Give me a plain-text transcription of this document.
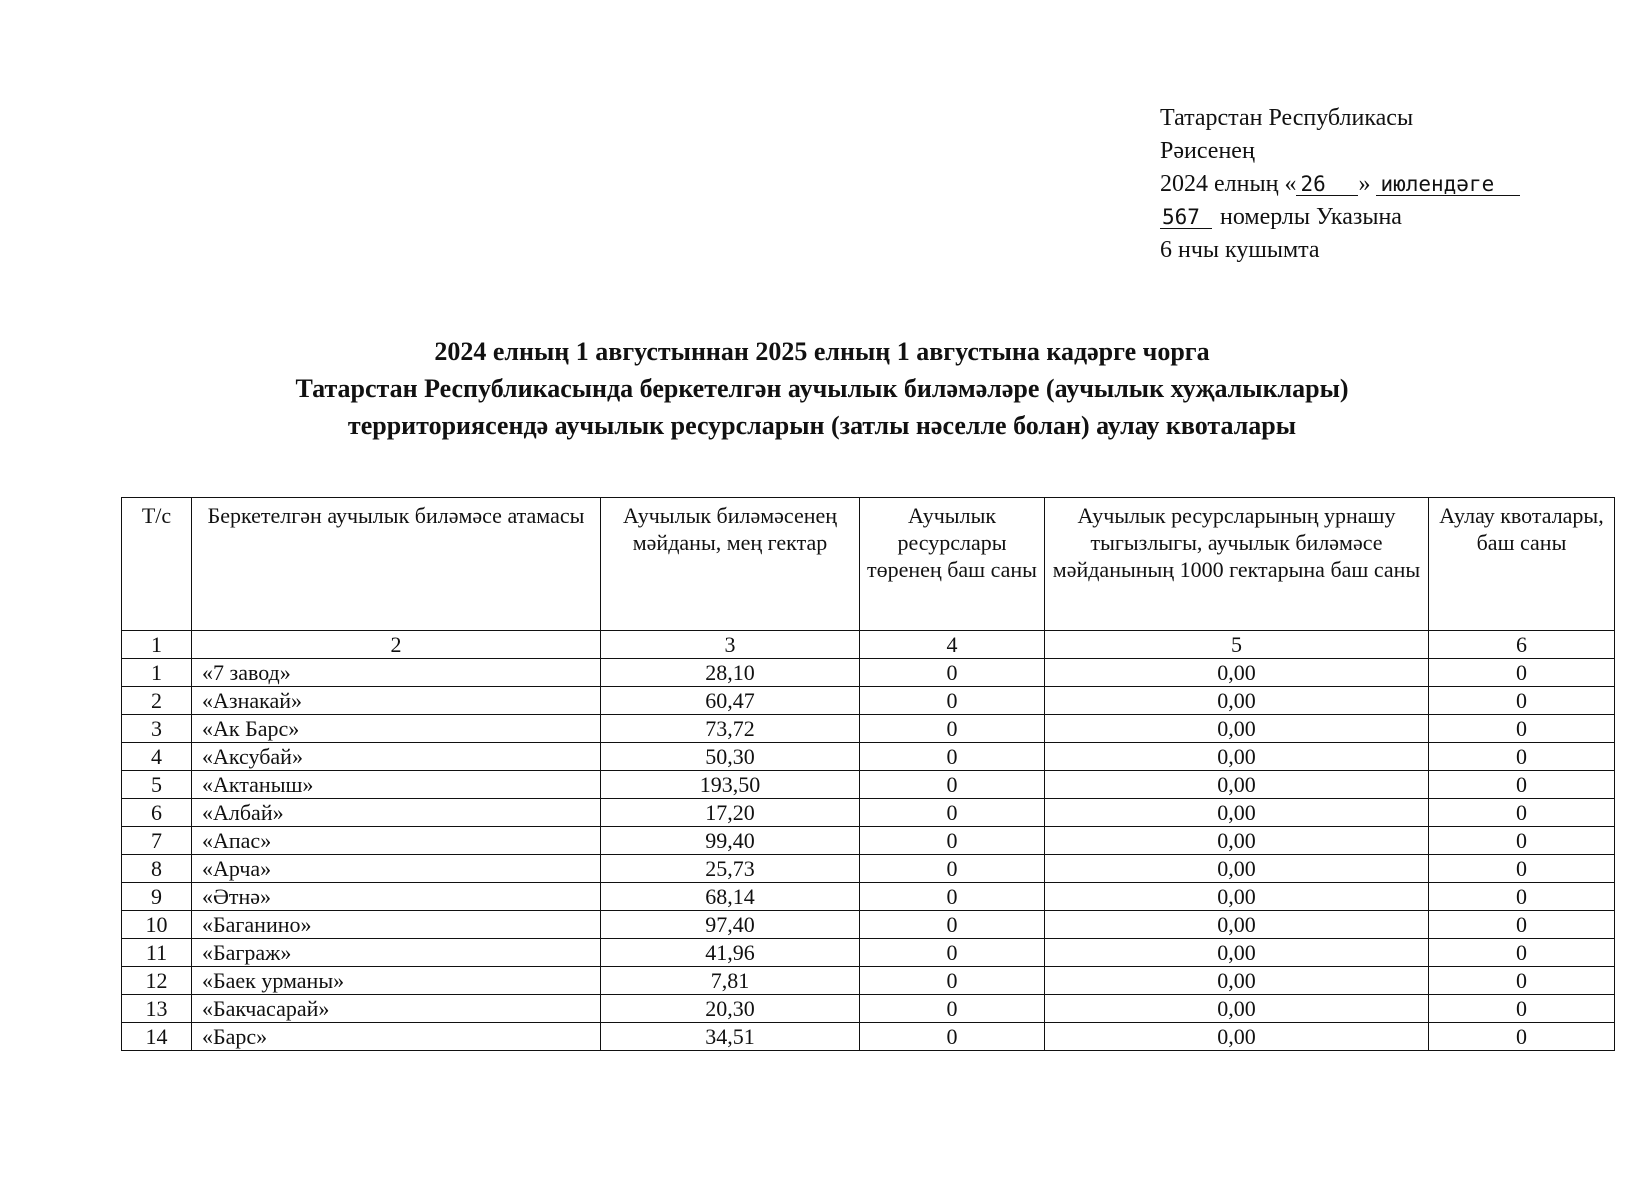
Татарстан Республикасы
Рәисенең
2024 елның « 26 » июлендәге
567 номерлы Указына
6 нчы кушымта
2024 елның 1 августыннан 2025 елның 1 августына кадәрге чорга
Татарстан Республикасында беркетелгән аучылык биләмәләре (аучылык хуҗалыклары)
территориясендә аучылык ресурсларын (затлы нәселле болан) аулау квоталары
Т/с	Беркетелгән аучылык биләмәсе атамасы	Аучылык биләмәсенең мәйданы, мең гектар	Аучылык ресурслары төренең баш саны	Аучылык ресурсларының урнашу тыгызлыгы, аучылык биләмәсе мәйданының 1000 гектарына баш саны	Аулау квоталары, баш саны
1	2	3	4	5	6
1	«7 завод»	28,10	0	0,00	0
2	«Азнакай»	60,47	0	0,00	0
3	«Ак Барс»	73,72	0	0,00	0
4	«Аксубай»	50,30	0	0,00	0
5	«Актаныш»	193,50	0	0,00	0
6	«Албай»	17,20	0	0,00	0
7	«Апас»	99,40	0	0,00	0
8	«Арча»	25,73	0	0,00	0
9	«Әтнә»	68,14	0	0,00	0
10	«Баганино»	97,40	0	0,00	0
11	«Баграж»	41,96	0	0,00	0
12	«Баек урманы»	7,81	0	0,00	0
13	«Бакчасарай»	20,30	0	0,00	0
14	«Барс»	34,51	0	0,00	0
